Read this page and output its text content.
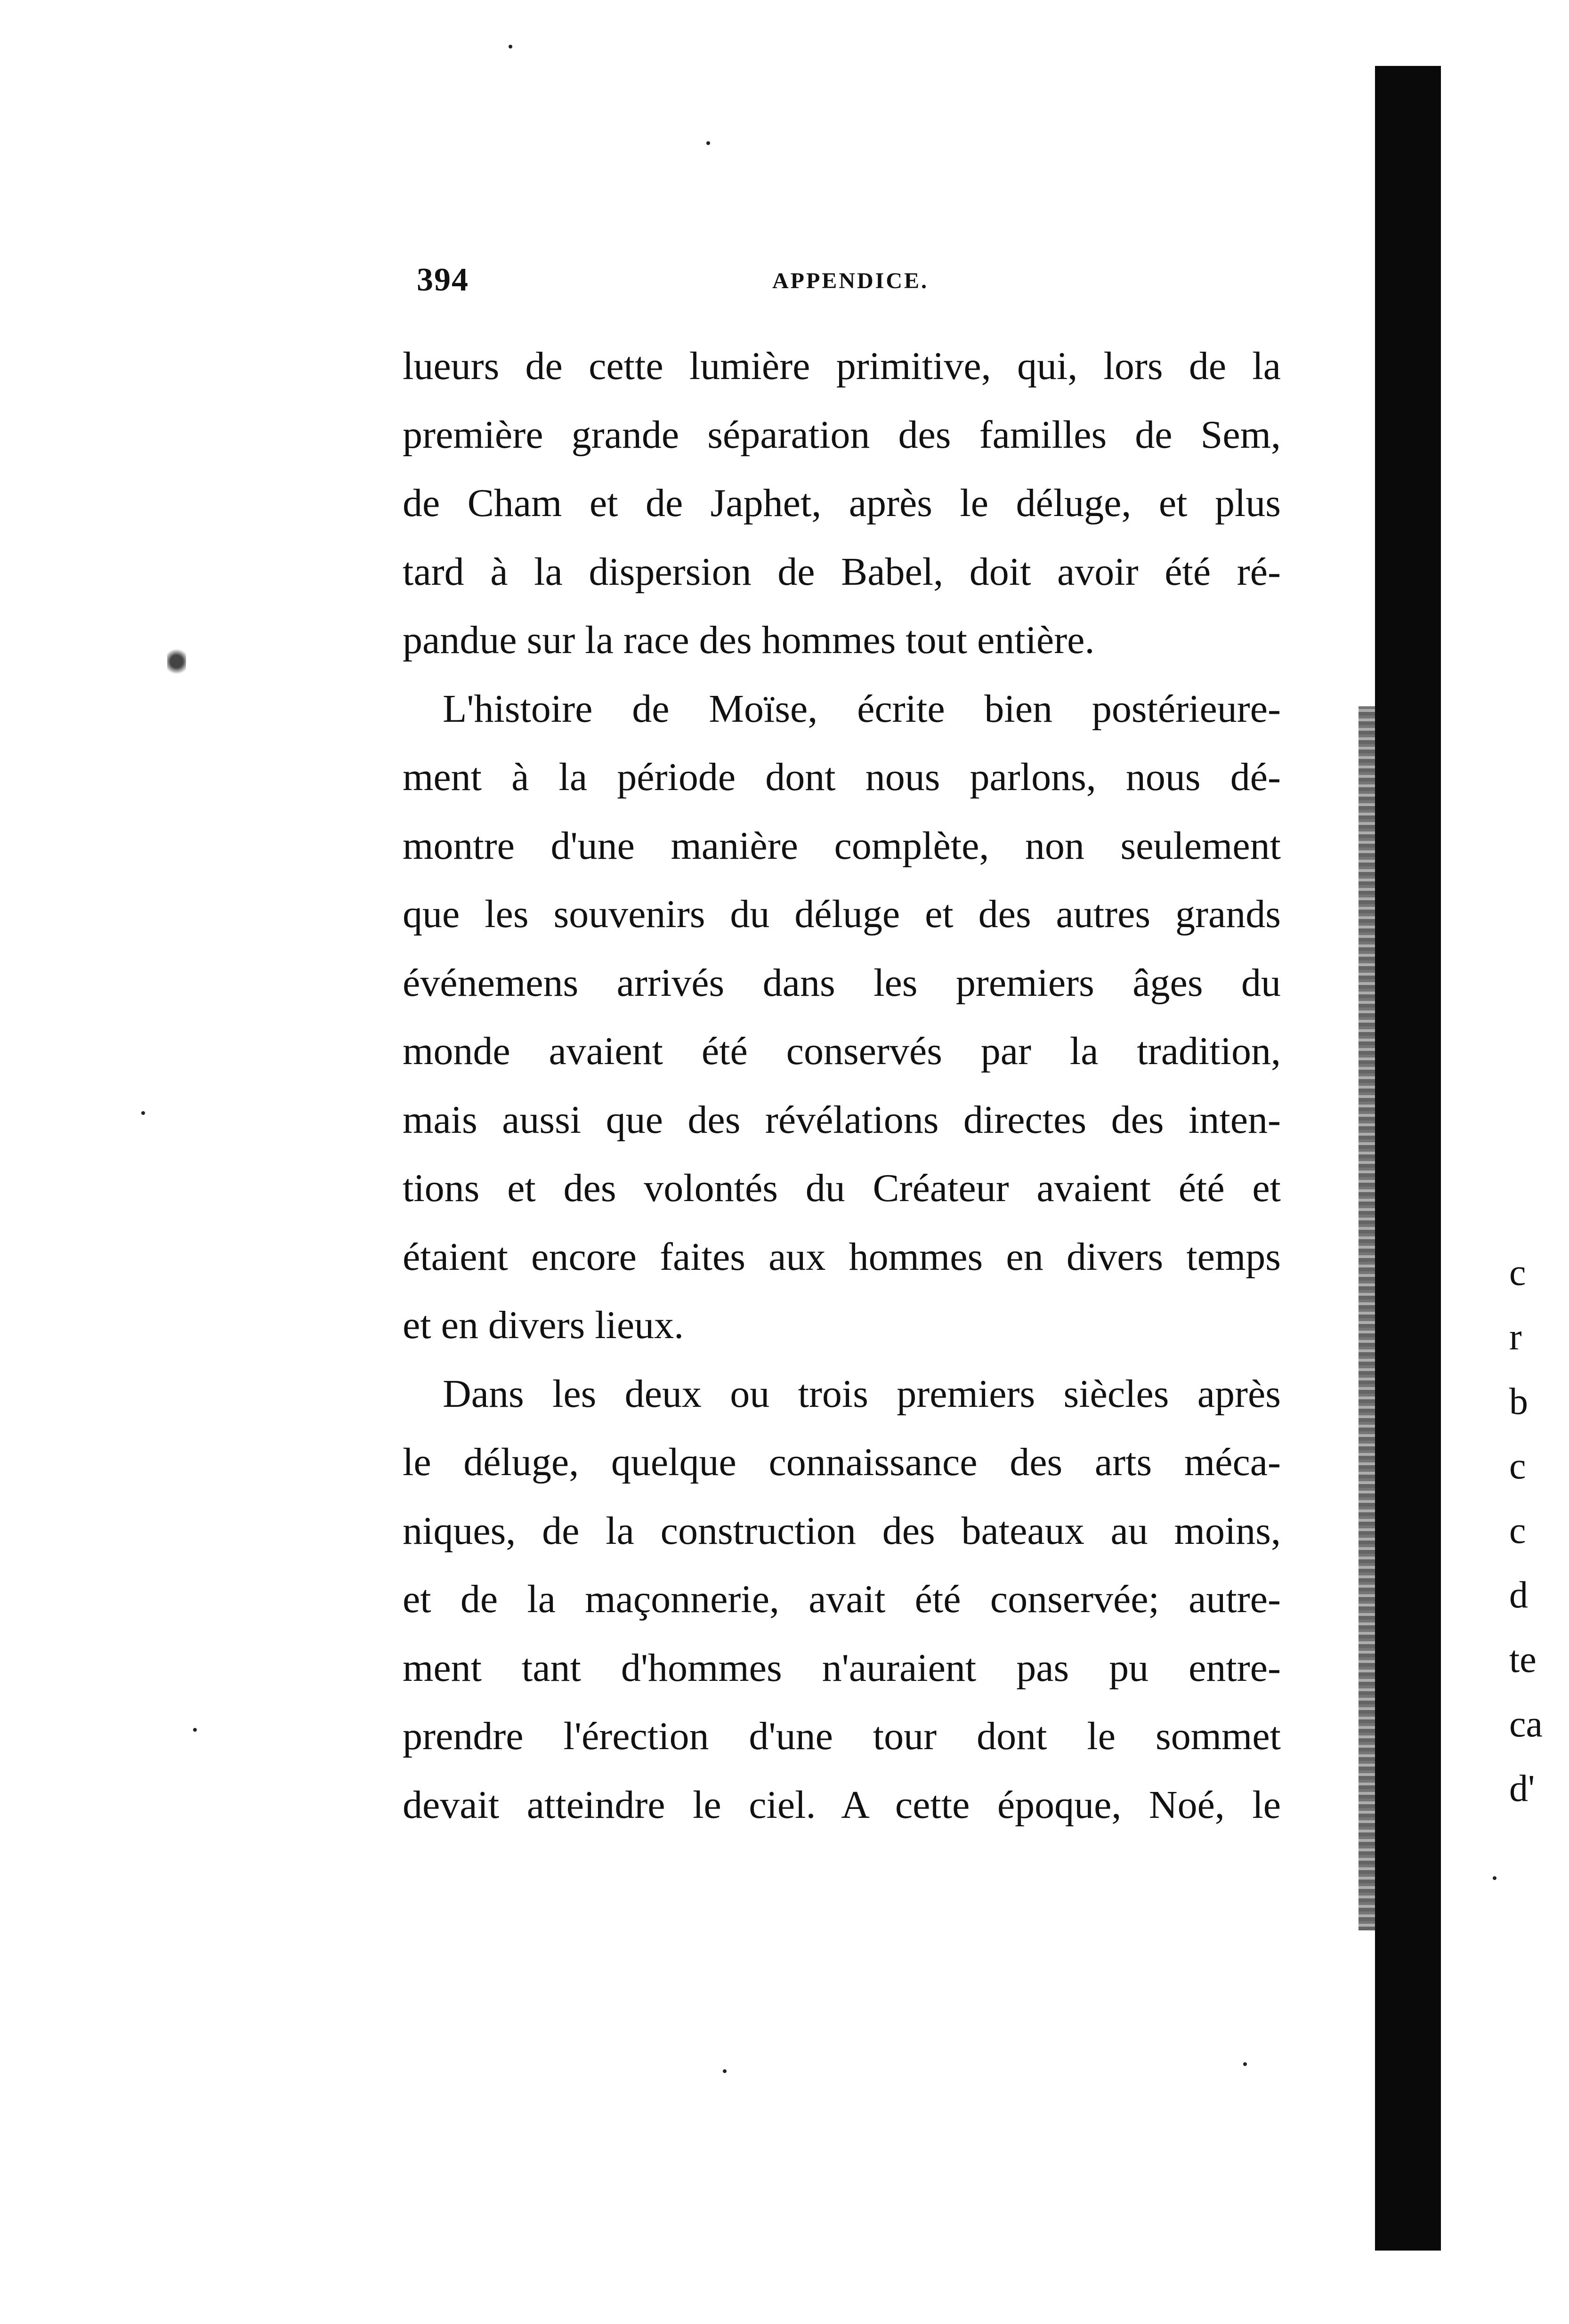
394	APPENDICE.
lueurs de cette lumière primitive, qui, lors de la
première grande séparation des familles de Sem,
de Cham et de Japhet, après le déluge, et plus
tard à la dispersion de Babel, doit avoir été ré-
pandue sur la race des hommes tout entière.
L'histoire de Moïse, écrite bien postérieure-
ment à la période dont nous parlons, nous dé-
montre d'une manière complète, non seulement
que les souvenirs du déluge et des autres grands
événemens arrivés dans les premiers âges du
monde avaient été conservés par la tradition,
mais aussi que des révélations directes des inten-
tions et des volontés du Créateur avaient été et
étaient encore faites aux hommes en divers temps
et en divers lieux.
Dans les deux ou trois premiers siècles après
le déluge, quelque connaissance des arts méca-
niques, de la construction des bateaux au moins,
et de la maçonnerie, avait été conservée; autre-
ment tant d'hommes n'auraient pas pu entre-
prendre l'érection d'une tour dont le sommet
devait atteindre le ciel. A cette époque, Noé, le
c
r
b
c
c
d
te
ca
d'
